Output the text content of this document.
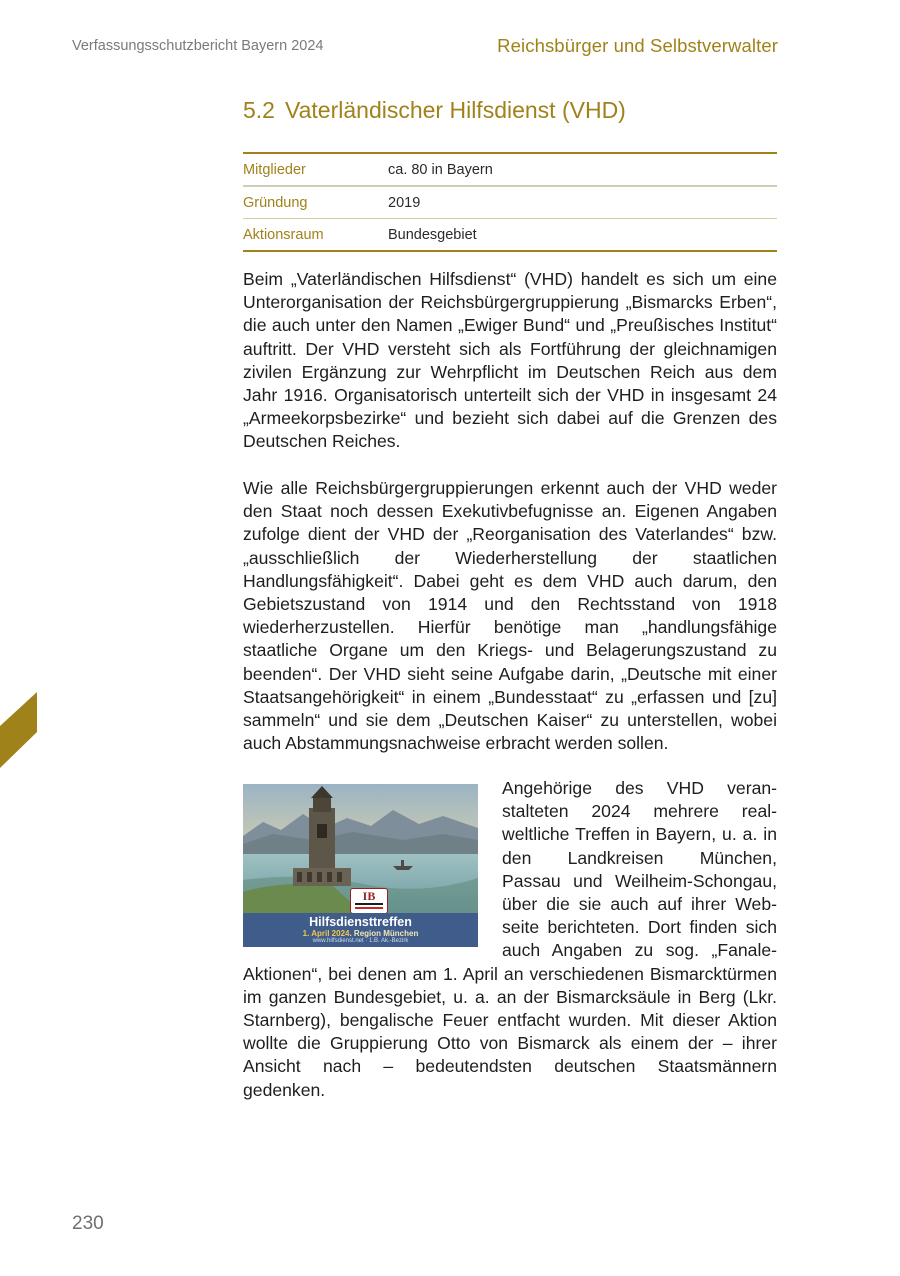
Verfassungsschutzbericht Bayern 2024	Reichsbürger und Selbstverwalter
5.2 Vaterländischer Hilfsdienst (VHD)
Mitglieder	ca. 80 in Bayern
Gründung	2019
Aktionsraum	Bundesgebiet

Beim „Vaterländischen Hilfsdienst“ (VHD) handelt es sich um eine Unterorganisation der Reichsbürgergruppierung „Bismarcks Erben“, die auch unter den Namen „Ewiger Bund“ und „Preußisches Institut“ auftritt. Der VHD versteht sich als Fortführung der gleichnamigen zivilen Ergänzung zur Wehrpflicht im Deutschen Reich aus dem Jahr 1916. Organisatorisch unterteilt sich der VHD in insgesamt 24 „Armeekorpsbezirke“ und bezieht sich dabei auf die Grenzen des Deutschen Reiches.

Wie alle Reichsbürgergruppierungen erkennt auch der VHD weder den Staat noch dessen Exekutivbefugnisse an. Eigenen Angaben zufolge dient der VHD der „Reorganisation des Vaterlandes“ bzw. „ausschließlich der Wiederherstellung der staatlichen Handlungsfähigkeit“. Dabei geht es dem VHD auch darum, den Gebietszustand von 1914 und den Rechtsstand von 1918 wiederherzustellen. Hierfür benötige man „handlungsfähige staatliche Organe um den Kriegs- und Belagerungszustand zu beenden“. Der VHD sieht seine Aufgabe darin, „Deutsche mit einer Staatsangehörigkeit“ in einem „Bundesstaat“ zu „erfassen und [zu] sammeln“ und sie dem „Deutschen Kaiser“ zu unterstellen, wobei auch Abstammungsnachweise erbracht werden sollen.

IB
Hilfsdiensttreffen
1. April 2024. Region München
www.hilfsdienst.net · 1.B. Ak.-Bezirk
Angehörige des VHD veranstalteten 2024 mehrere realweltliche Treffen in Bayern, u. a. in den Landkreisen München, Passau und Weilheim-Schongau, über die sie auch auf ihrer Webseite berichteten. Dort finden sich auch Angaben zu sog. „Fanale-Aktionen“, bei denen am 1. April an verschiedenen Bismarcktürmen im ganzen Bundesgebiet, u. a. an der Bismarcksäule in Berg (Lkr. Starnberg), bengalische Feuer entfacht wurden. Mit dieser Aktion wollte die Gruppierung Otto von Bismarck als einem der – ihrer Ansicht nach – bedeutendsten deutschen Staatsmännern gedenken.
230
